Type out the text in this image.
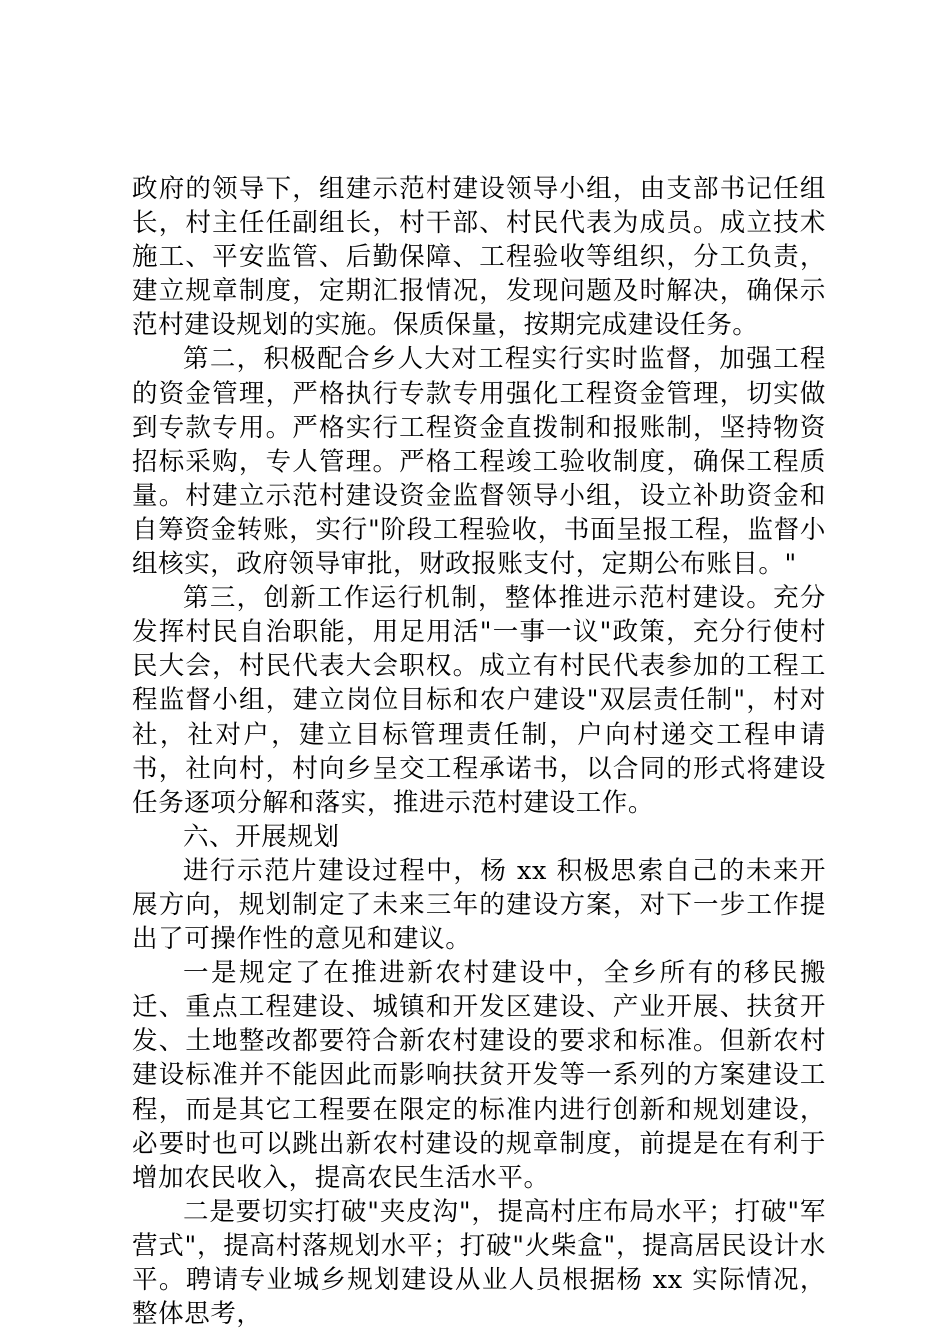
政府的领导下，组建示范村建设领导小组，由支部书记任组长，村主任任副组长，村干部、村民代表为成员。成立技术施工、平安监管、后勤保障、工程验收等组织，分工负责，建立规章制度，定期汇报情况，发现问题及时解决，确保示范村建设规划的实施。保质保量，按期完成建设任务。

第二，积极配合乡人大对工程实行实时监督，加强工程的资金管理，严格执行专款专用强化工程资金管理，切实做到专款专用。严格实行工程资金直拨制和报账制，坚持物资招标采购，专人管理。严格工程竣工验收制度，确保工程质量。村建立示范村建设资金监督领导小组，设立补助资金和自筹资金转账，实行"阶段工程验收，书面呈报工程，监督小组核实，政府领导审批，财政报账支付，定期公布账目。"

第三，创新工作运行机制，整体推进示范村建设。充分发挥村民自治职能，用足用活"一事一议"政策，充分行使村民大会，村民代表大会职权。成立有村民代表参加的工程工程监督小组，建立岗位目标和农户建设"双层责任制"，村对社，社对户，建立目标管理责任制，户向村递交工程申请书，社向村，村向乡呈交工程承诺书，以合同的形式将建设任务逐项分解和落实，推进示范村建设工作。

六、开展规划

进行示范片建设过程中，杨 xx 积极思索自己的未来开展方向，规划制定了未来三年的建设方案，对下一步工作提出了可操作性的意见和建议。

一是规定了在推进新农村建设中，全乡所有的移民搬迁、重点工程建设、城镇和开发区建设、产业开展、扶贫开发、土地整改都要符合新农村建设的要求和标准。但新农村建设标准并不能因此而影响扶贫开发等一系列的方案建设工程，而是其它工程要在限定的标准内进行创新和规划建设，必要时也可以跳出新农村建设的规章制度，前提是在有利于增加农民收入，提高农民生活水平。

二是要切实打破"夹皮沟"，提高村庄布局水平；打破"军营式"，提高村落规划水平；打破"火柴盒"，提高居民设计水平。聘请专业城乡规划建设从业人员根据杨 xx 实际情况，整体思考，
